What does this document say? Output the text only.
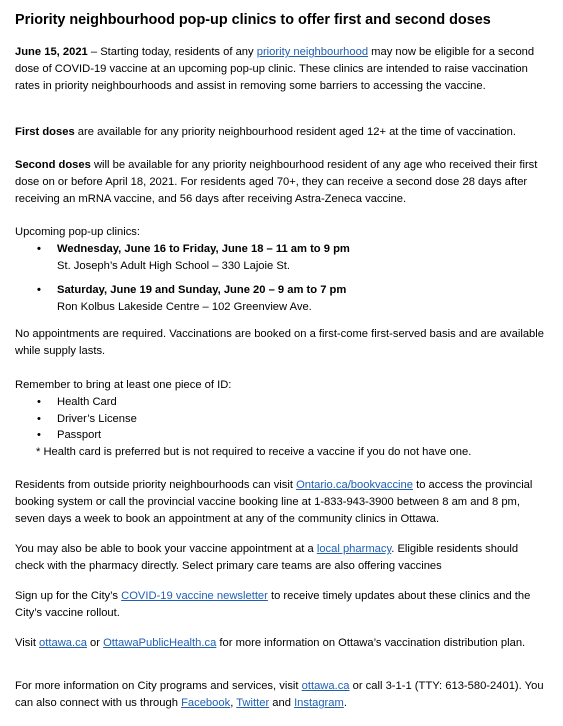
Priority neighbourhood pop-up clinics to offer first and second doses

June 15, 2021 – Starting today, residents of any priority neighbourhood may now be eligible for a second dose of COVID-19 vaccine at an upcoming pop-up clinic. These clinics are intended to raise vaccination rates in priority neighbourhoods and assist in removing some barriers to accessing the vaccine.

First doses are available for any priority neighbourhood resident aged 12+ at the time of vaccination.

Second doses will be available for any priority neighbourhood resident of any age who received their first dose on or before April 18, 2021. For residents aged 70+, they can receive a second dose 28 days after receiving an mRNA vaccine, and 56 days after receiving Astra-Zeneca vaccine.

Upcoming pop-up clinics:

• Wednesday, June 16 to Friday, June 18 – 11 am to 9 pm
St. Joseph’s Adult High School – 330 Lajoie St.
• Saturday, June 19 and Sunday, June 20 – 9 am to 7 pm
Ron Kolbus Lakeside Centre – 102 Greenview Ave.

No appointments are required. Vaccinations are booked on a first-come first-served basis and are available while supply lasts.

Remember to bring at least one piece of ID:

• Health Card
• Driver’s License
• Passport

* Health card is preferred but is not required to receive a vaccine if you do not have one.

Residents from outside priority neighbourhoods can visit Ontario.ca/bookvaccine to access the provincial booking system or call the provincial vaccine booking line at 1-833-943-3900 between 8 am and 8 pm, seven days a week to book an appointment at any of the community clinics in Ottawa.

You may also be able to book your vaccine appointment at a local pharmacy. Eligible residents should check with the pharmacy directly. Select primary care teams are also offering vaccines

Sign up for the City’s COVID-19 vaccine newsletter to receive timely updates about these clinics and the City’s vaccine rollout.

Visit ottawa.ca or OttawaPublicHealth.ca for more information on Ottawa’s vaccination distribution plan.

For more information on City programs and services, visit ottawa.ca or call 3-1-1 (TTY: 613-580-2401). You can also connect with us through Facebook, Twitter and Instagram.
